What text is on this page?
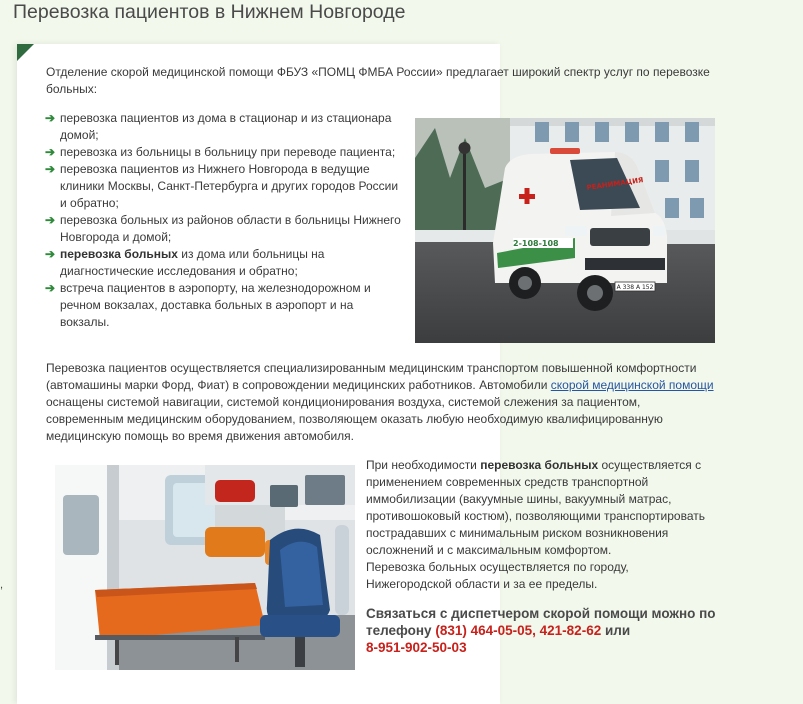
Перевозка пациентов в Нижнем Новгороде

Отделение скорой медицинской помощи ФБУЗ «ПОМЦ ФМБА России» предлагает широкий спектр услуг по перевозке больных:

➔ перевозка пациентов из дома в стационар и из стационара домой;
➔ перевозка из больницы в больницу при переводе пациента;
➔ перевозка пациентов из Нижнего Новгорода в ведущие клиники Москвы, Санкт-Петербурга и других городов России и обратно;
➔ перевозка больных из районов области в больницы Нижнего Новгорода и домой;
➔ перевозка больных из дома или больницы на диагностические исследования и обратно;
➔ встреча пациентов в аэропорту, на железнодорожном и речном вокзалах, доставка больных в аэропорт и на вокзалы.
РЕАНИМАЦИЯ
2-108-108
А 338 А 152

Перевозка пациентов осуществляется специализированным медицинским транспортом повышенной комфортности (автомашины марки Форд, Фиат) в сопровождении медицинских работников. Автомобили скорой медицинской помощи оснащены системой навигации, системой кондиционирования воздуха, системой слежения за пациентом, современным медицинским оборудованием, позволяющем оказать любую необходимую квалифицированную медицинскую помощь во время движения автомобиля.

При необходимости перевозка больных осуществляется с применением современных средств транспортной иммобилизации (вакуумные шины, вакуумный матрас, противошоковый костюм), позволяющими транспортировать пострадавших с минимальным риском возникновения осложнений и с максимальным комфортом.
Перевозка больных осуществляется по городу, Нижегородской области и за ее пределы.

Связаться с диспетчером скорой помощи можно по телефону (831) 464-05-05, 421-82-62 или
8-951-902-50-03

,
